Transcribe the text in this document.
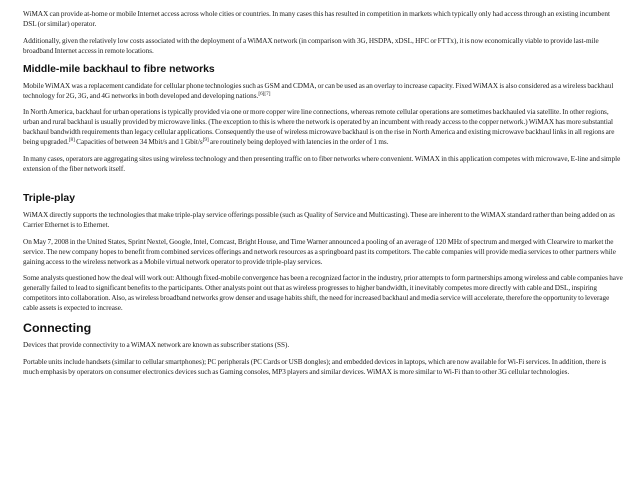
WiMAX can provide at-home or mobile Internet access across whole cities or countries. In many cases this has resulted in competition in markets which typically only had access through an existing incumbent DSL (or similar) operator.

Additionally, given the relatively low costs associated with the deployment of a WiMAX network (in comparison with 3G, HSDPA, xDSL, HFC or FTTx), it is now economically viable to provide last-mile broadband Internet access in remote locations.

Middle-mile backhaul to fibre networks

Mobile WiMAX was a replacement candidate for cellular phone technologies such as GSM and CDMA, or can be used as an overlay to increase capacity. Fixed WiMAX is also considered as a wireless backhaul technology for 2G, 3G, and 4G networks in both developed and developing nations.[6][7]

In North America, backhaul for urban operations is typically provided via one or more copper wire line connections, whereas remote cellular operations are sometimes backhauled via satellite. In other regions, urban and rural backhaul is usually provided by microwave links. (The exception to this is where the network is operated by an incumbent with ready access to the copper network.) WiMAX has more substantial backhaul bandwidth requirements than legacy cellular applications. Consequently the use of wireless microwave backhaul is on the rise in North America and existing microwave backhaul links in all regions are being upgraded.[8] Capacities of between 34 Mbit/s and 1 Gbit/s[9] are routinely being deployed with latencies in the order of 1 ms.

In many cases, operators are aggregating sites using wireless technology and then presenting traffic on to fiber networks where convenient. WiMAX in this application competes with microwave, E-line and simple extension of the fiber network itself.

Triple-play

WiMAX directly supports the technologies that make triple-play service offerings possible (such as Quality of Service and Multicasting). These are inherent to the WiMAX standard rather than being added on as Carrier Ethernet is to Ethernet.

On May 7, 2008 in the United States, Sprint Nextel, Google, Intel, Comcast, Bright House, and Time Warner announced a pooling of an average of 120 MHz of spectrum and merged with Clearwire to market the service. The new company hopes to benefit from combined services offerings and network resources as a springboard past its competitors. The cable companies will provide media services to other partners while gaining access to the wireless network as a Mobile virtual network operator to provide triple-play services.

Some analysts questioned how the deal will work out: Although fixed-mobile convergence has been a recognized factor in the industry, prior attempts to form partnerships among wireless and cable companies have generally failed to lead to significant benefits to the participants. Other analysts point out that as wireless progresses to higher bandwidth, it inevitably competes more directly with cable and DSL, inspiring competitors into collaboration. Also, as wireless broadband networks grow denser and usage habits shift, the need for increased backhaul and media service will accelerate, therefore the opportunity to leverage cable assets is expected to increase.

Connecting

Devices that provide connectivity to a WiMAX network are known as subscriber stations (SS).

Portable units include handsets (similar to cellular smartphones); PC peripherals (PC Cards or USB dongles); and embedded devices in laptops, which are now available for Wi-Fi services. In addition, there is much emphasis by operators on consumer electronics devices such as Gaming consoles, MP3 players and similar devices. WiMAX is more similar to Wi-Fi than to other 3G cellular technologies.
